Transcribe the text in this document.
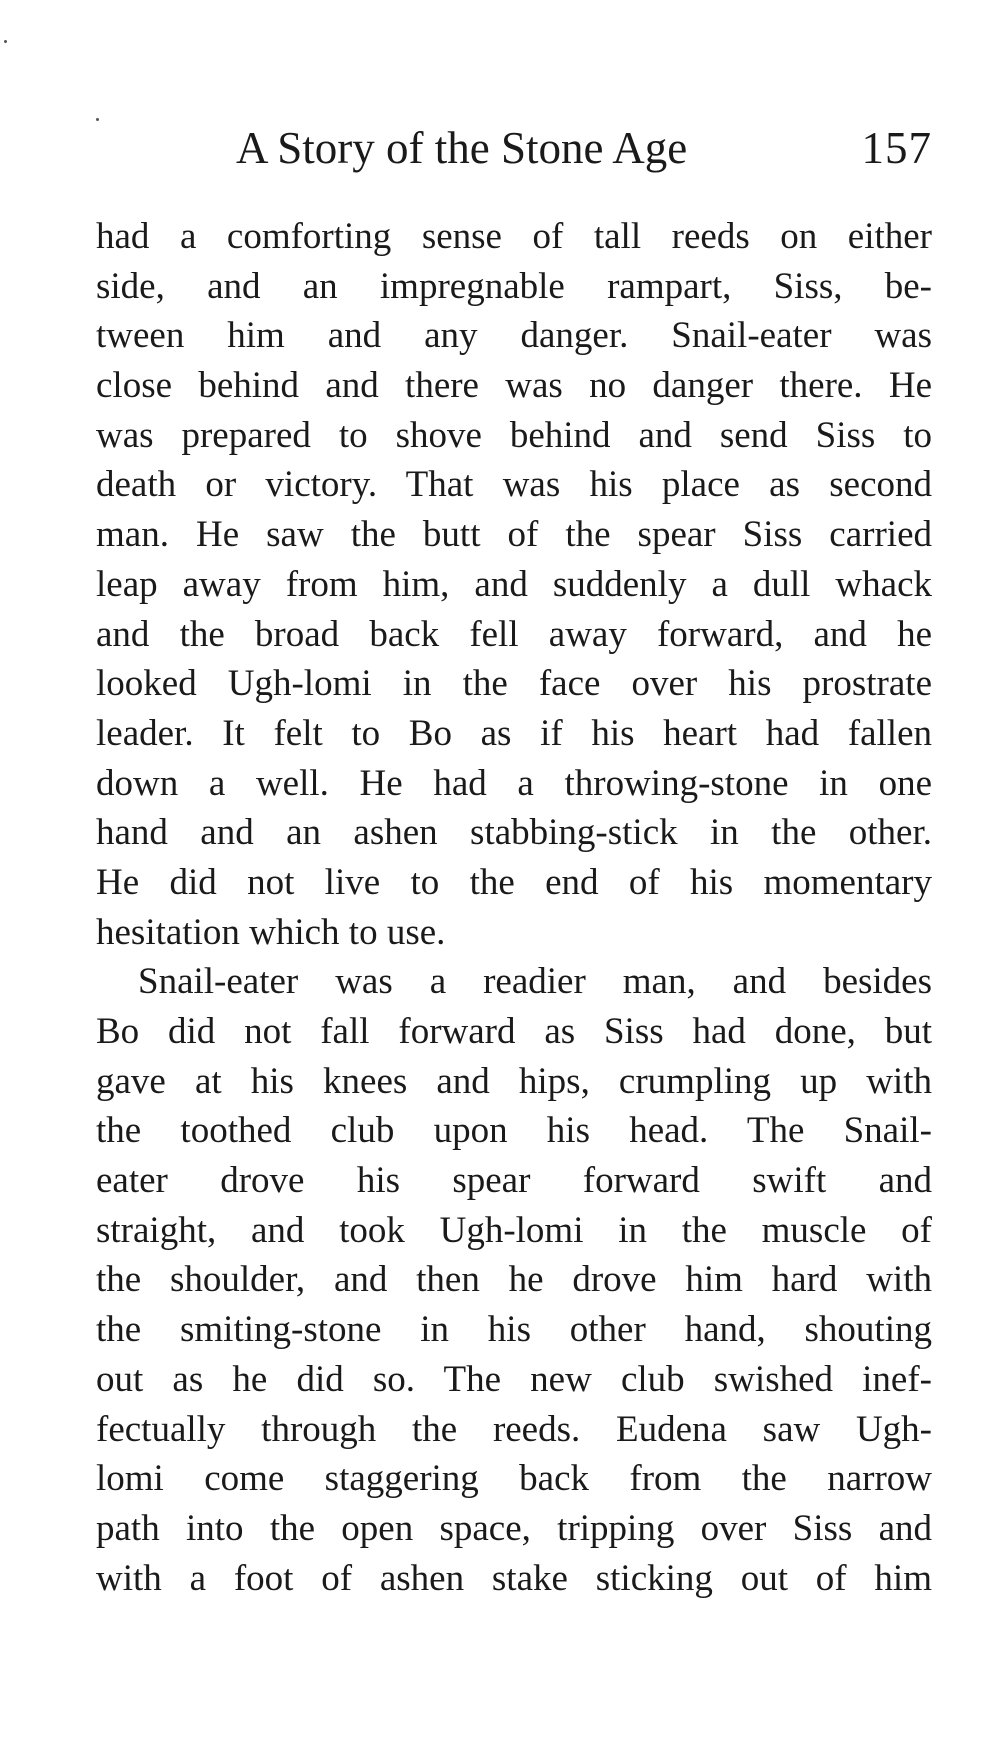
A Story of the Stone Age	157
had a comforting sense of tall reeds on either
side, and an impregnable rampart, Siss, be-
tween him and any danger. Snail-eater was
close behind and there was no danger there. He
was prepared to shove behind and send Siss to
death or victory. That was his place as second
man. He saw the butt of the spear Siss carried
leap away from him, and suddenly a dull whack
and the broad back fell away forward, and he
looked Ugh-lomi in the face over his prostrate
leader. It felt to Bo as if his heart had fallen
down a well. He had a throwing-stone in one
hand and an ashen stabbing-stick in the other.
He did not live to the end of his momentary
hesitation which to use.
Snail-eater was a readier man, and besides
Bo did not fall forward as Siss had done, but
gave at his knees and hips, crumpling up with
the toothed club upon his head. The Snail-
eater drove his spear forward swift and
straight, and took Ugh-lomi in the muscle of
the shoulder, and then he drove him hard with
the smiting-stone in his other hand, shouting
out as he did so. The new club swished inef-
fectually through the reeds. Eudena saw Ugh-
lomi come staggering back from the narrow
path into the open space, tripping over Siss and
with a foot of ashen stake sticking out of him
